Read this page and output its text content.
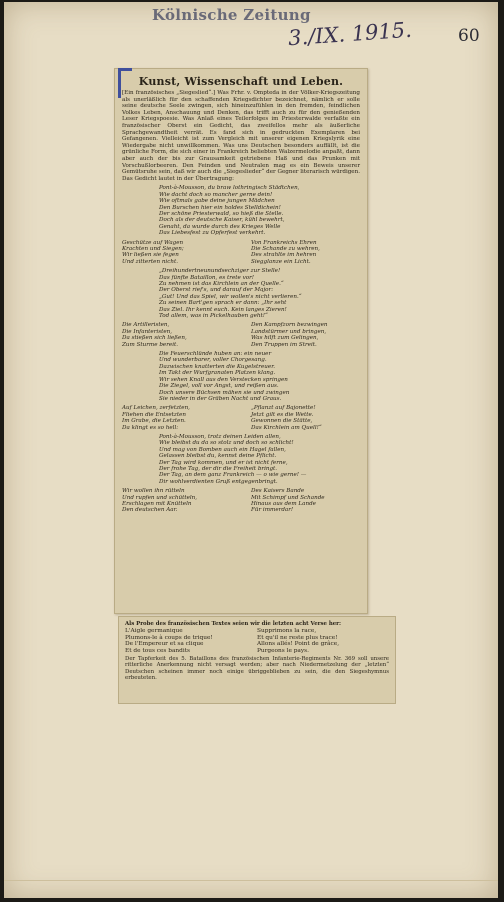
Kölnische Zeitung
3./IX. 1915.	60
Kunst, Wissenschaft und Leben.
[Ein französisches „Siegeslied“.] Was Frhr. v. Ompteda in der Völker-Kriegszeitung als unerläßlich für den schaffenden Kriegsdichter bezeichnet, nämlich er solle seine deutsche Seele zwingen, sich hineinzufühlen in den fremden, feindlichen Volkes Leben, Anschauung und Denken, das trifft auch zu für den genießenden Leser Kriegspoesie. Was Anlaß eines Teilerfolges im Priesterwalde verfaßte ein französischer Oberst ein Gedicht, das zweifellos mehr als äußerliche Sprachgewandtheit verrät. Es fand sich in gedruckten Exemplaren bei Gefangenen. Vielleicht ist zum Vergleich mit unserer eigenen Kriegslyrik eine Wiedergabe nicht unwillkommen. Was uns Deutschen besonders auffällt, ist die grünliche Form, die sich einer in Frankreich beliebten Walzermelodie anpaßt, dann aber auch der bis zur Grausamkeit getriebene Haß und das Prunken mit Vorschußlorbeeren. Den Feinden und Neutralen mag es ein Beweis unserer Gemütsruhe sein, daß wir auch die „Siegeslieder“ der Gegner literarisch würdigen. Das Gedicht lautet in der Übertragung:
Pont-à-Mousson, du braw lothringisch Städtchen,
Wie dacht doch so mancher gerne dein!
Wie oftmals gabe deine jungen Mädchen
Den Burschen hier ein holdes Stelldichein!
Der schöne Priesterwald, so hieß die Stelle.
Doch als der deutsche Kaiser, kühl bewehrt,
Genaht, da wurde durch des Krieges Welle
Das Liebesfest zu Opferfest verkehrt.
Geschütze auf Wagen
Krachten und Siegen;
Wir ließen sie fegen
Und zitterten nicht.
Von Frankreichs Ehren
Die Schande zu wehren,
Des strahlte im hehren
Siegglanze ein Licht.
„Dreihundertneunundsechziger zur Stelle!
Das fünfte Bataillon, es trete vor!
Zu nehmen ist das Kirchlein an der Quelle.“
Der Oberst rief's, und darauf der Major:
„Gut! Und das Spiel, wir wollen's nicht verlieren.“
Zu seinen Bart'gen sprach er dann: „Ihr seht
Das Ziel. Ihr kennt euch. Kein langes Zieren!
Tod allem, was in Pickelhauben geht!“
Die Artilleristen,
Die Infanteristen,
Da stießen sich ließen,
Zum Sturme bereit.
Den Kampfzorn bezwingen
Landstürmer und bringen,
Was hilft zum Gelingen,
Den Truppen im Streit.
Die Feuerschlünde huben an: ein neuer
Und wunderbarer, voller Chorgesang.
Dazwischen knatterten die Kugelstreuer.
Im Takt der Wurfgranaten Platzen klang.
Wir sehen Knall aus den Verstecken springen
Die Ziegel, voll vor Angst, und reißen aus.
Doch unsere Büchsen mähen sie und zwingen
Sie nieder in der Gräben Nacht und Graus.
Auf Leichen, zerfetzten,
Fliehen die Entsetzten
Im Grabe, die Letzten.
Da klingt es so hell:
„Pflanzt auf Bajonette!
Jetzt gilt es die Wette.
Gewonnen die Stätte,
Das Kirchlein am Quell!“
Pont-à-Mousson, trotz deinen Leiden allen,
Wie bleibst du da so stolz und doch so schlicht!
Und mag von Bomben auch ein Hagel fallen,
Gelassen bleibst du, kennst deine Pflicht.
Der Tag wird kommen, und er ist nicht ferne,
Der frohe Tag, der dir die Freiheit bringt.
Der Tag, an dem ganz Frankreich — o wie gerne! —
Dir wohlverdienten Gruß entgegenbringt.
Wir wollen ihn rütteln
Und rupfen und schütteln,
Erschlagen mit Knütteln
Den deutschen Aar.
Des Kaisers Bande
Mit Schimpf und Schande
Hinaus aus dem Lande
Für immerdar!
Als Probe des französischen Textes seien wir die letzten acht Verse her:
L'Aigle germanique
Plumons-le à coups de trique!
De l'Empereur et sa clique
Et de tous ces bandits
Supprimons la race,
Et qu'il ne reste plus trace!
Allons allés! Point de grâce,
Purgeons le pays.
Der Tapferkeit des 5. Bataillons des französischen Infanterie-Regiments Nr. 369 soll unsere ritterliche Anerkennung nicht versagt werden; aber nach Niedermetzelung der „letzten“ Deutschen scheinen immer noch einige übriggeblieben zu sein, die den Siegeshymnus erbeuteten.
